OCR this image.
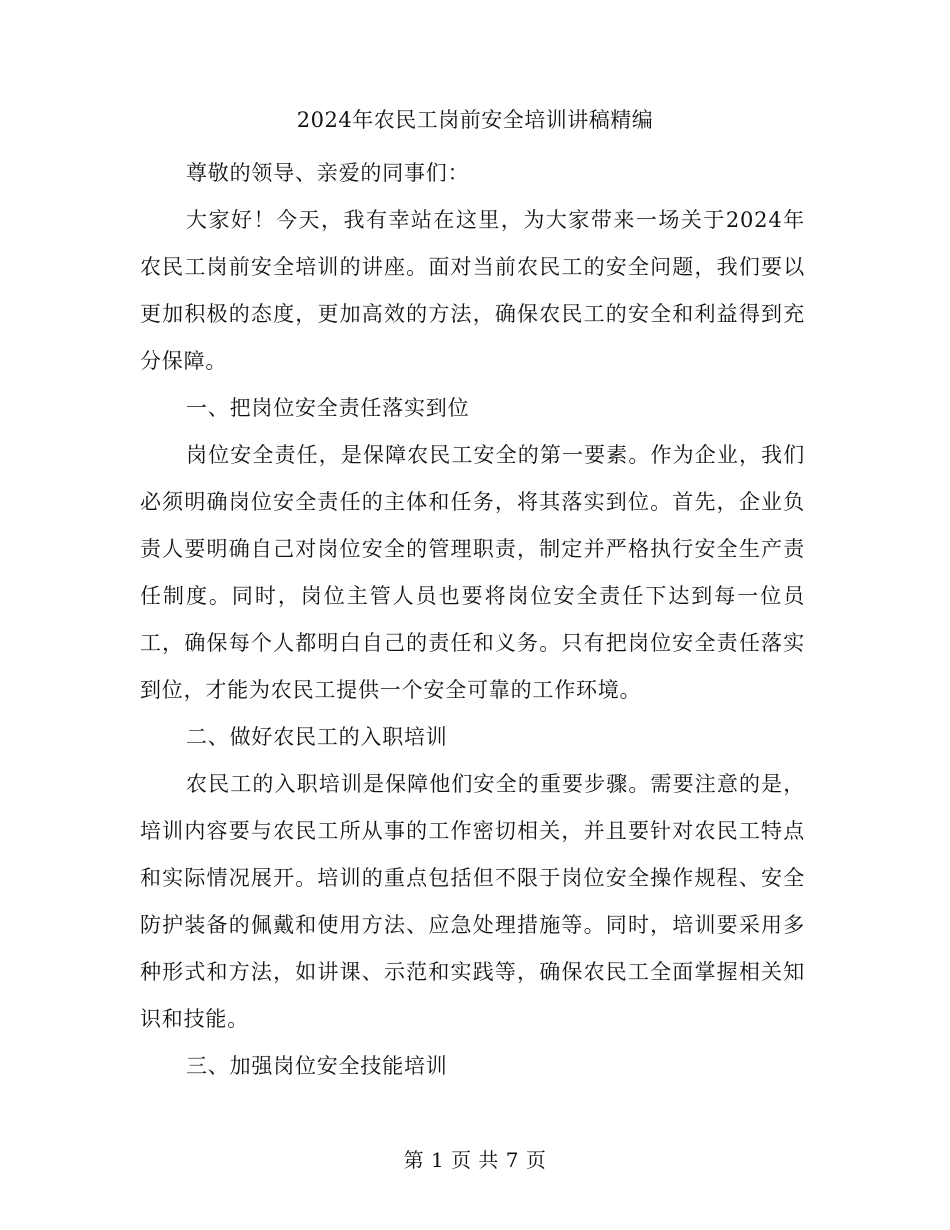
2024年农民工岗前安全培训讲稿精编

尊敬的领导、亲爱的同事们：

大家好！今天，我有幸站在这里，为大家带来一场关于2024年农民工岗前安全培训的讲座。面对当前农民工的安全问题，我们要以更加积极的态度，更加高效的方法，确保农民工的安全和利益得到充分保障。

一、把岗位安全责任落实到位

岗位安全责任，是保障农民工安全的第一要素。作为企业，我们必须明确岗位安全责任的主体和任务，将其落实到位。首先，企业负责人要明确自己对岗位安全的管理职责，制定并严格执行安全生产责任制度。同时，岗位主管人员也要将岗位安全责任下达到每一位员工，确保每个人都明白自己的责任和义务。只有把岗位安全责任落实到位，才能为农民工提供一个安全可靠的工作环境。

二、做好农民工的入职培训

农民工的入职培训是保障他们安全的重要步骤。需要注意的是，培训内容要与农民工所从事的工作密切相关，并且要针对农民工特点和实际情况展开。培训的重点包括但不限于岗位安全操作规程、安全防护装备的佩戴和使用方法、应急处理措施等。同时，培训要采用多种形式和方法，如讲课、示范和实践等，确保农民工全面掌握相关知识和技能。

三、加强岗位安全技能培训

第 1 页 共 7 页
